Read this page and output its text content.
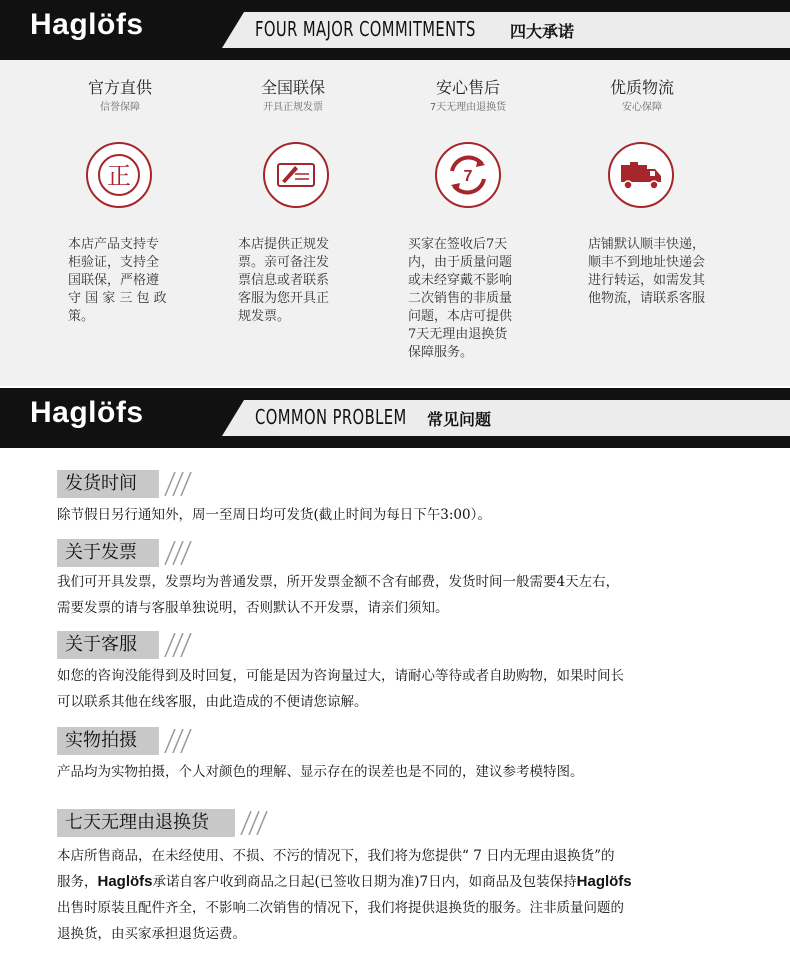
Haglöfs	FOUR MAJOR COMMITMENTS 四大承诺
官方直供
信誉保障
正
本店产品支持专
柜验证，支持全
国联保，严格遵
守 国 家 三 包 政
策。
全国联保
开具正规发票
本店提供正规发
票。亲可备注发
票信息或者联系
客服为您开具正
规发票。
安心售后
7天无理由退换货
7
买家在签收后7天
内，由于质量问题
或未经穿戴不影响
二次销售的非质量
问题，本店可提供
7天无理由退换货
保障服务。
优质物流
安心保障
店铺默认顺丰快递，
顺丰不到地址快递会
进行转运，如需发其
他物流，请联系客服
Haglöfs	COMMON PROBLEM 常见问题
发货时间
除节假日另行通知外，周一至周日均可发货(截止时间为每日下午3:00）。
关于发票
我们可开具发票，发票均为普通发票，所开发票金额不含有邮费，发货时间一般需要4天左右，
需要发票的请与客服单独说明，否则默认不开发票，请亲们须知。
关于客服
如您的咨询没能得到及时回复，可能是因为咨询量过大，请耐心等待或者自助购物，如果时间长
可以联系其他在线客服，由此造成的不便请您谅解。
实物拍摄
产品均为实物拍摄，个人对颜色的理解、显示存在的误差也是不同的，建议参考模特图。
七天无理由退换货
本店所售商品，在未经使用、不损、不污的情况下，我们将为您提供“ 7 日内无理由退换货”的
服务，Haglöfs承诺自客户收到商品之日起(已签收日期为准)7日内，如商品及包装保持Haglöfs
出售时原装且配件齐全，不影响二次销售的情况下，我们将提供退换货的服务。注非质量问题的
退换货，由买家承担退货运费。
